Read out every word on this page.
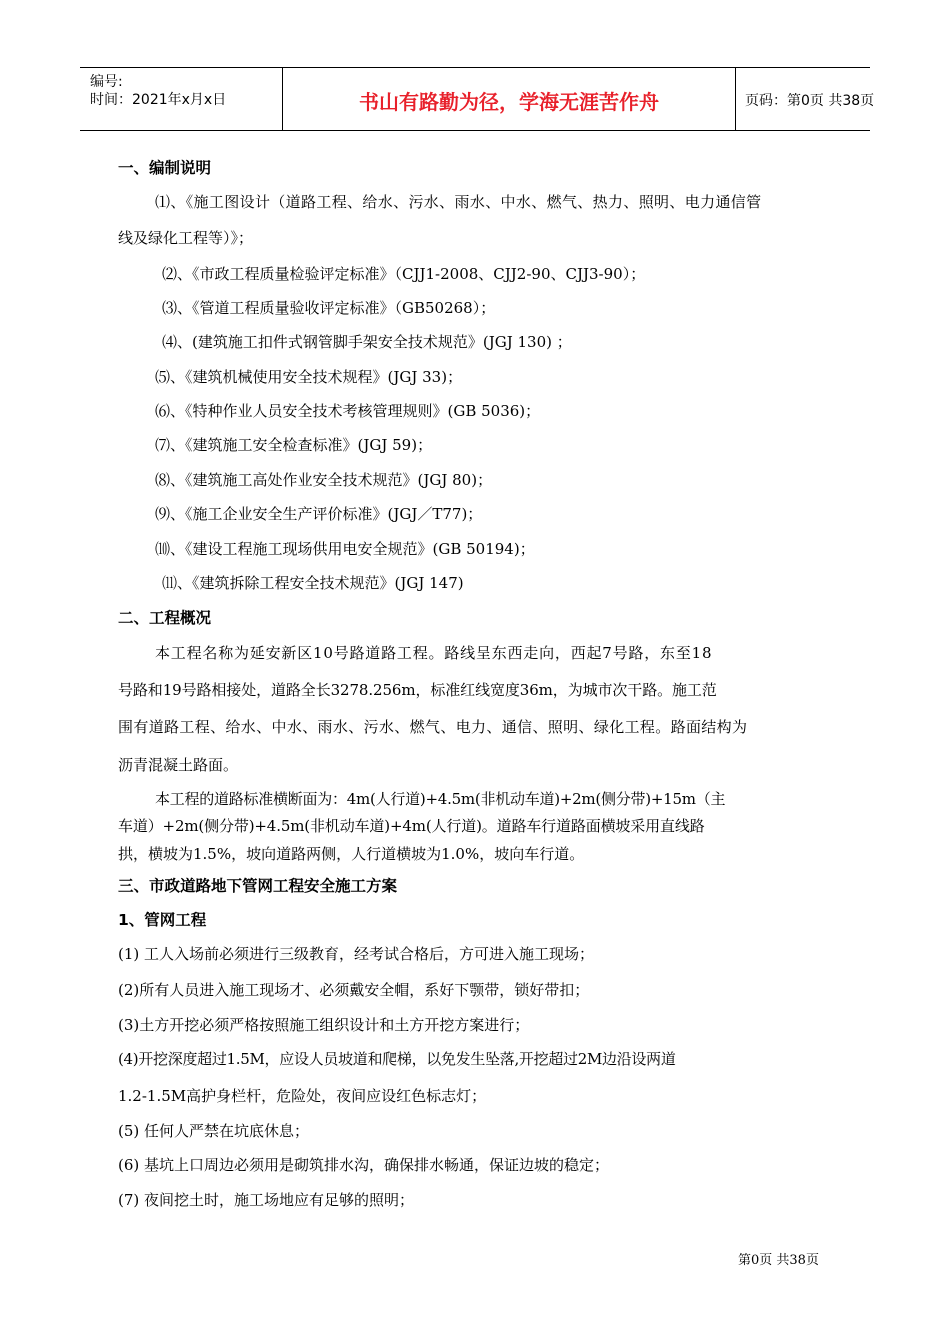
编号:
时间：2021年x月x日	书山有路勤为径，学海无涯苦作舟	页码：第0页 共38页
一、编制说明
⑴、《施工图设计（道路工程、给水、污水、雨水、中水、燃气、热力、照明、电力通信管
线及绿化工程等）》；
⑵、《市政工程质量检验评定标准》（CJJ1-2008、CJJ2-90、CJJ3-90）；
⑶、《管道工程质量验收评定标准》（GB50268）；
⑷、(建筑施工扣件式钢管脚手架安全技术规范》(JGJ 130) ；
⑸、《建筑机械使用安全技术规程》(JGJ 33)；
⑹、《特种作业人员安全技术考核管理规则》(GB 5036)；
⑺、《建筑施工安全检查标准》(JGJ 59)；
⑻、《建筑施工高处作业安全技术规范》(JGJ 80)；
⑼、《施工企业安全生产评价标准》(JGJ／T77)；
⑽、《建设工程施工现场供用电安全规范》(GB 50194)；
⑾、《建筑拆除工程安全技术规范》(JGJ 147)
二、工程概况
本工程名称为延安新区10号路道路工程。路线呈东西走向，西起7号路，东至18
号路和19号路相接处，道路全长3278.256m，标准红线宽度36m，为城市次干路。施工范
围有道路工程、给水、中水、雨水、污水、燃气、电力、通信、照明、绿化工程。路面结构为
沥青混凝土路面。
本工程的道路标准横断面为：4m(人行道)+4.5m(非机动车道)+2m(侧分带)+15m（主
车道）+2m(侧分带)+4.5m(非机动车道)+4m(人行道)。道路车行道路面横坡采用直线路
拱，横坡为1.5%，坡向道路两侧，人行道横坡为1.0%，坡向车行道。
三、市政道路地下管网工程安全施工方案
1、管网工程
(1) 工人入场前必须进行三级教育，经考试合格后，方可进入施工现场；
(2)所有人员进入施工现场才、必须戴安全帽，系好下颚带，锁好带扣；
(3)土方开挖必须严格按照施工组织设计和土方开挖方案进行；
(4)开挖深度超过1.5M，应设人员坡道和爬梯，以免发生坠落,开挖超过2M边沿设两道
1.2-1.5M高护身栏杆，危险处，夜间应设红色标志灯；
(5) 任何人严禁在坑底休息；
(6) 基坑上口周边必须用是砌筑排水沟，确保排水畅通，保证边坡的稳定；
(7) 夜间挖土时，施工场地应有足够的照明；
第0页 共38页
